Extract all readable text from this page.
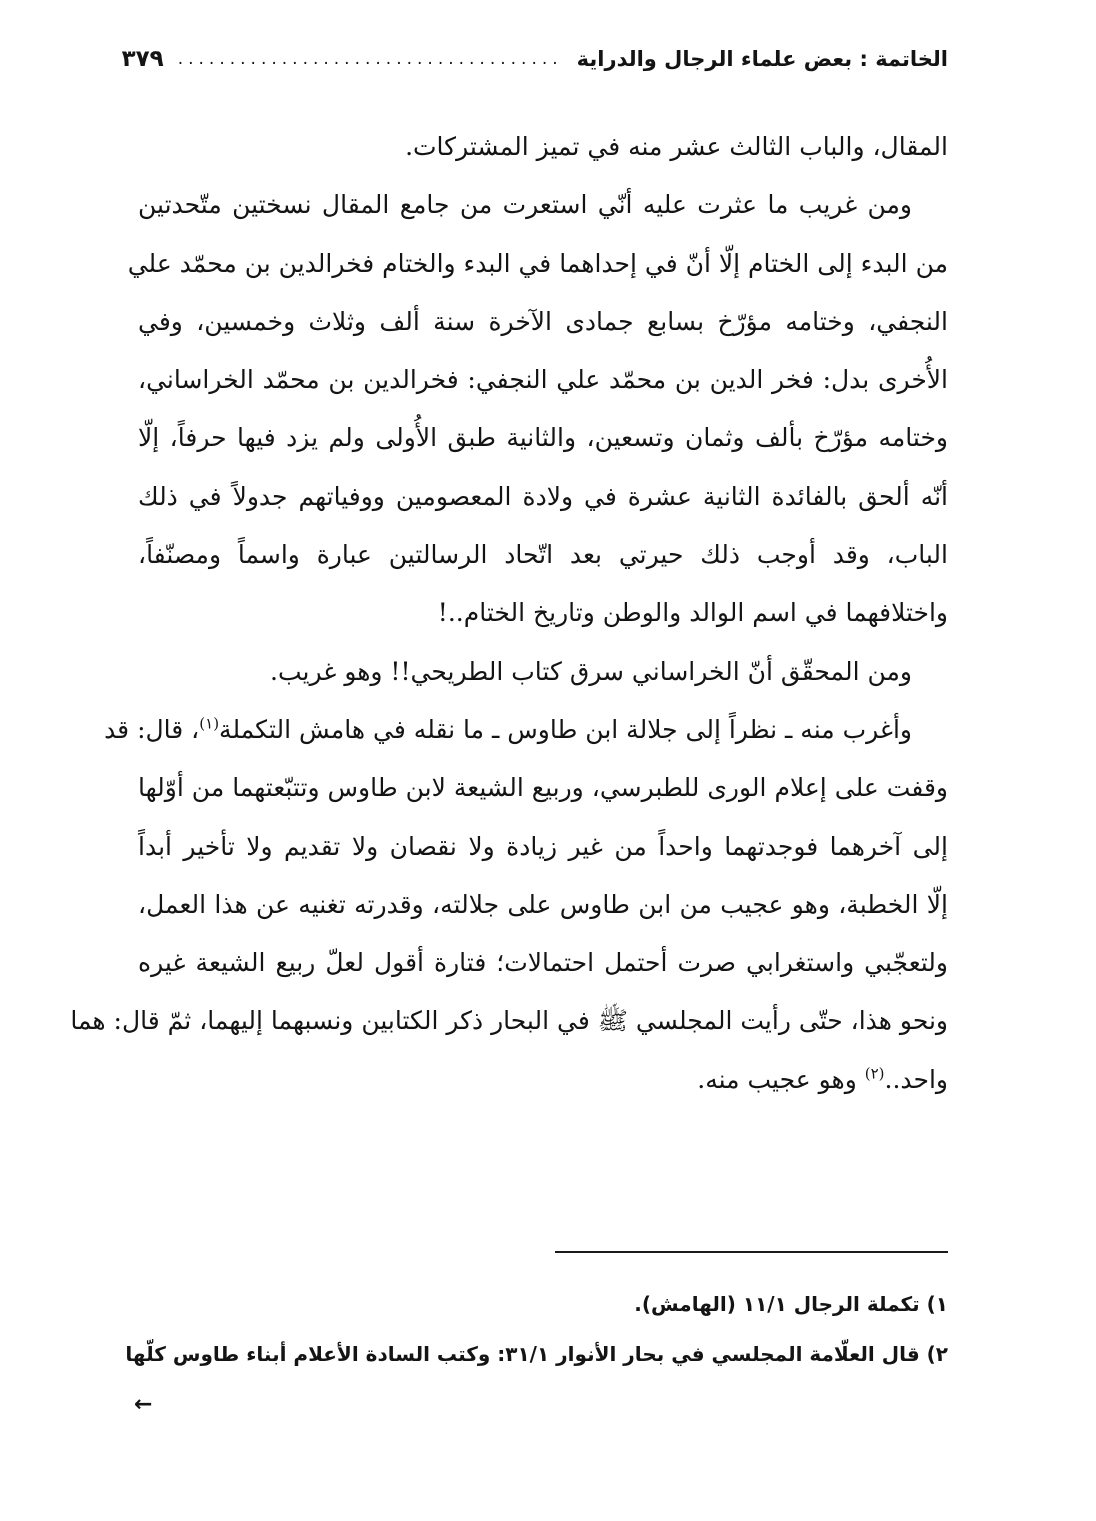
الخاتمة : بعض علماء الرجال والدراية
.....................................
٣٧٩
المقال، والباب الثالث عشر منه في تميز المشتركات.
ومن غريب ما عثرت عليه أنّي استعرت من جامع المقال نسختين متّحدتين
من البدء إلى الختام إلّا أنّ في إحداهما في البدء والختام فخرالدين بن محمّد علي
النجفي، وختامه مؤرّخ بسابع جمادى الآخرة سنة ألف وثلاث وخمسين، وفي
الأُخرى بدل: فخر الدين بن محمّد علي النجفي: فخرالدين بن محمّد الخراساني،
وختامه مؤرّخ بألف وثمان وتسعين، والثانية طبق الأُولى ولم يزد فيها حرفاً، إلّا
أنّه ألحق بالفائدة الثانية عشرة في ولادة المعصومين ووفياتهم جدولاً في ذلك
الباب، وقد أوجب ذلك حيرتي بعد اتّحاد الرسالتين عبارة واسماً ومصنّفاً،
واختلافهما في اسم الوالد والوطن وتاريخ الختام..!
ومن المحقّق أنّ الخراساني سرق كتاب الطريحي!! وهو غريب.
وأغرب منه ـ نظراً إلى جلالة ابن طاوس ـ ما نقله في هامش التكملة$^{(١)}$، قال: قد
وقفت على إعلام الورى للطبرسي، وربيع الشيعة لابن طاوس وتتبّعتهما من أوّلها
إلى آخرهما فوجدتهما واحداً من غير زيادة ولا نقصان ولا تقديم ولا تأخير أبداً
إلّا الخطبة، وهو عجيب من ابن طاوس على جلالته، وقدرته تغنيه عن هذا العمل،
ولتعجّبي واستغرابي صرت أحتمل احتمالات؛ فتارة أقول لعلّ ربيع الشيعة غيره
ونحو هذا، حتّى رأيت المجلسي ﷺ في البحار ذكر الكتابين ونسبهما إليهما، ثمّ قال: هما
واحد..$^{(٢)}$ وهو عجيب منه.
١) تكملة الرجال ١١/١ (الهامش).
٢) قال العلّامة المجلسي في بحار الأنوار ٣١/١: وكتب السادة الأعلام أبناء طاوس كلّها
←
